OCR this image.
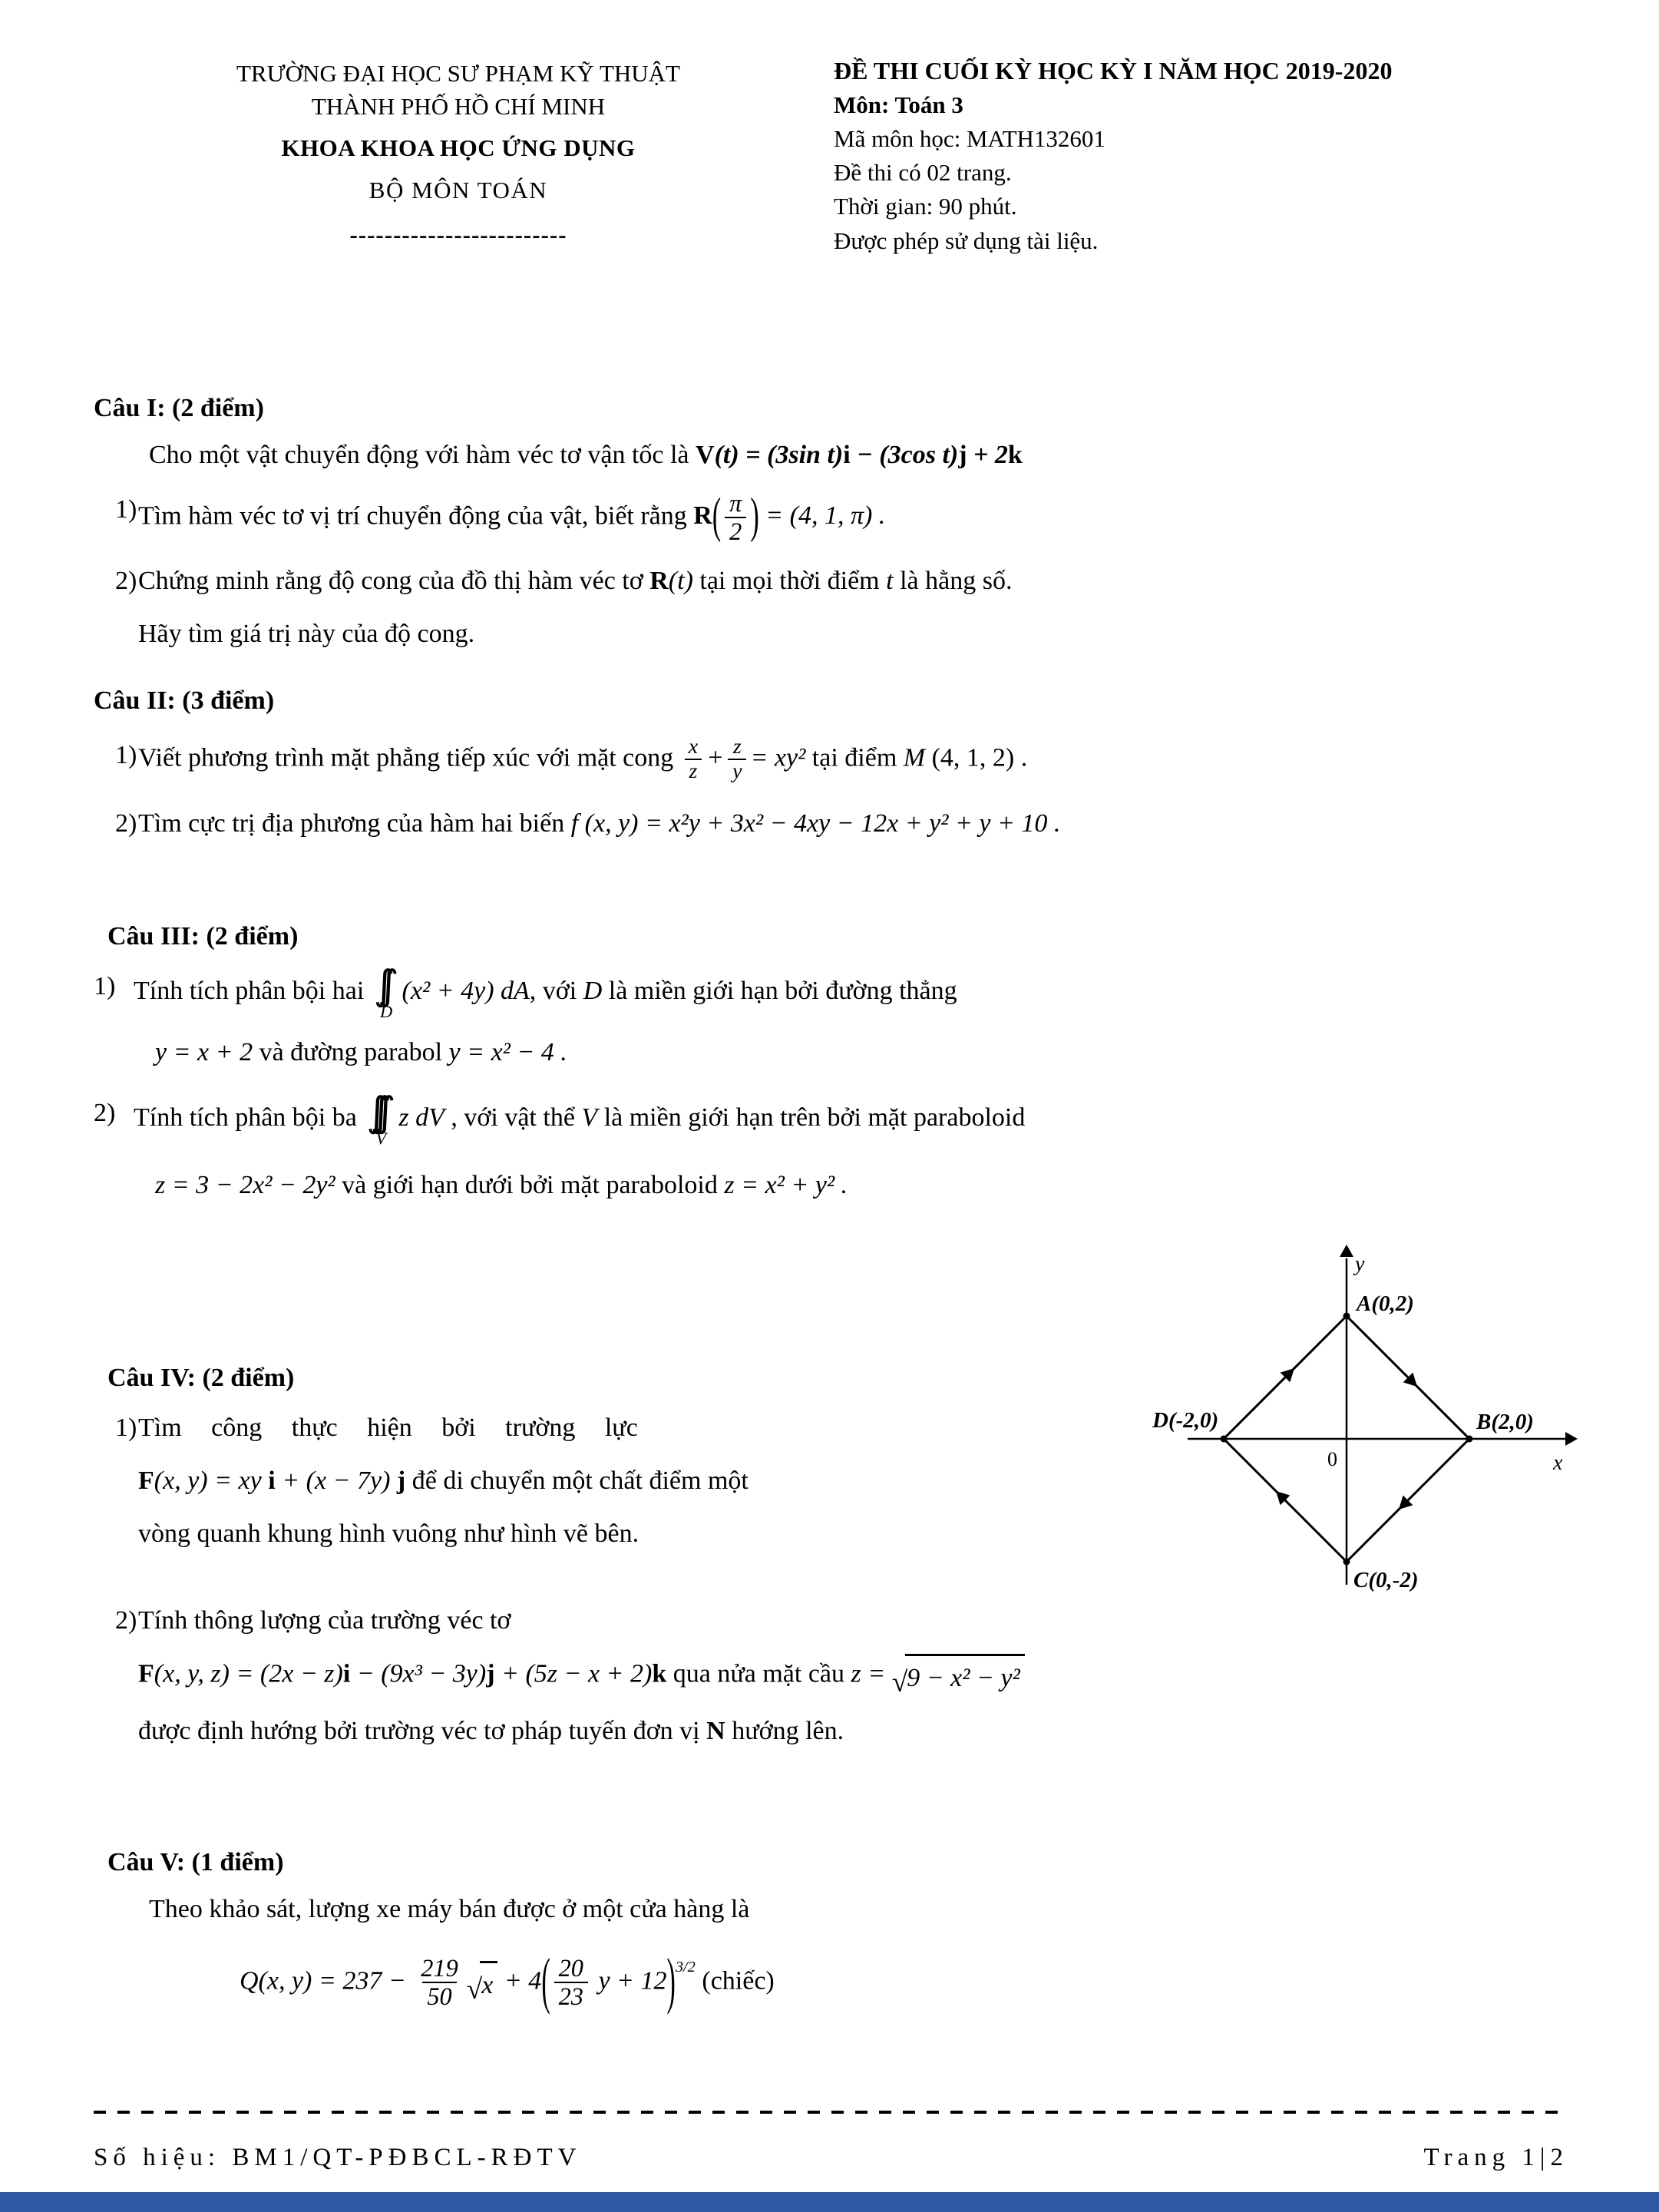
TRƯỜNG ĐẠI HỌC SƯ PHẠM KỸ THUẬT
THÀNH PHỐ HỒ CHÍ MINH
KHOA KHOA HỌC ỨNG DỤNG
BỘ MÔN TOÁN
-------------------------
ĐỀ THI CUỐI KỲ HỌC KỲ I NĂM HỌC 2019-2020
Môn: Toán 3
Mã môn học: MATH132601
Đề thi có 02 trang.
Thời gian: 90 phút.
Được phép sử dụng tài liệu.
Câu I: (2 điểm)
Cho một vật chuyển động với hàm véc tơ vận tốc là V(t) = (3sin t)i − (3cos t)j + 2k
1) Tìm hàm véc tơ vị trí chuyển động của vật, biết rằng $R( \frac{\pi}{2}$ ) = (4, 1, π) .
2) Chứng minh rằng độ cong của đồ thị hàm véc tơ R(t) tại mọi thời điểm t là hằng số.
Hãy tìm giá trị này của độ cong.
Câu II: (3 điểm)
1) Viết phương trình mặt phẳng tiếp xúc với mặt cong $\frac{x}{z} + \frac{z}{y} = xy^2$ tại điểm M (4, 1, 2) .
2) Tìm cực trị địa phương của hàm hai biến f (x, y) = x²y + 3x² − 4xy − 12x + y² + y + 10 .
Câu III: (2 điểm)
1) Tính tích phân bội hai ∫∫
D
(x² + 4y) dA, với D là miền giới hạn bởi đường thẳng
y = x + 2 và đường parabol y = x² − 4 .
2) Tính tích phân bội ba ∫∫∫
V
z dV , với vật thể V là miền giới hạn trên bởi mặt paraboloid
z = 3 − 2x² − 2y² và giới hạn dưới bởi mặt paraboloid z = x² + y² .
y
x
A(0,2)
B(2,0)
C(0,-2)
D(-2,0)
0
Câu IV: (2 điểm)
1) Tìm công thực hiện bởi trường lực
F(x, y) = xy i + (x − 7y) j để di chuyển một chất điểm một
vòng quanh khung hình vuông như hình vẽ bên.
2) Tính thông lượng của trường véc tơ
F(x, y, z) = (2x − z)i − (9x³ − 3y)j + (5z − x + 2)k qua nửa mặt cầu z = √ 9 − x² − y²
được định hướng bởi trường véc tơ pháp tuyến đơn vị N hướng lên.
Câu V: (1 điểm)
Theo khảo sát, lượng xe máy bán được ở một cửa hàng là
Q(x, $y) = 237 - \frac{219}{50}$ √ $x + 4( \frac{20}{23}$ $y + 12)^{3/2}$ (chiếc)
Số hiệu: BM1/QT-PĐBCL-RĐTV	Trang 1|2
